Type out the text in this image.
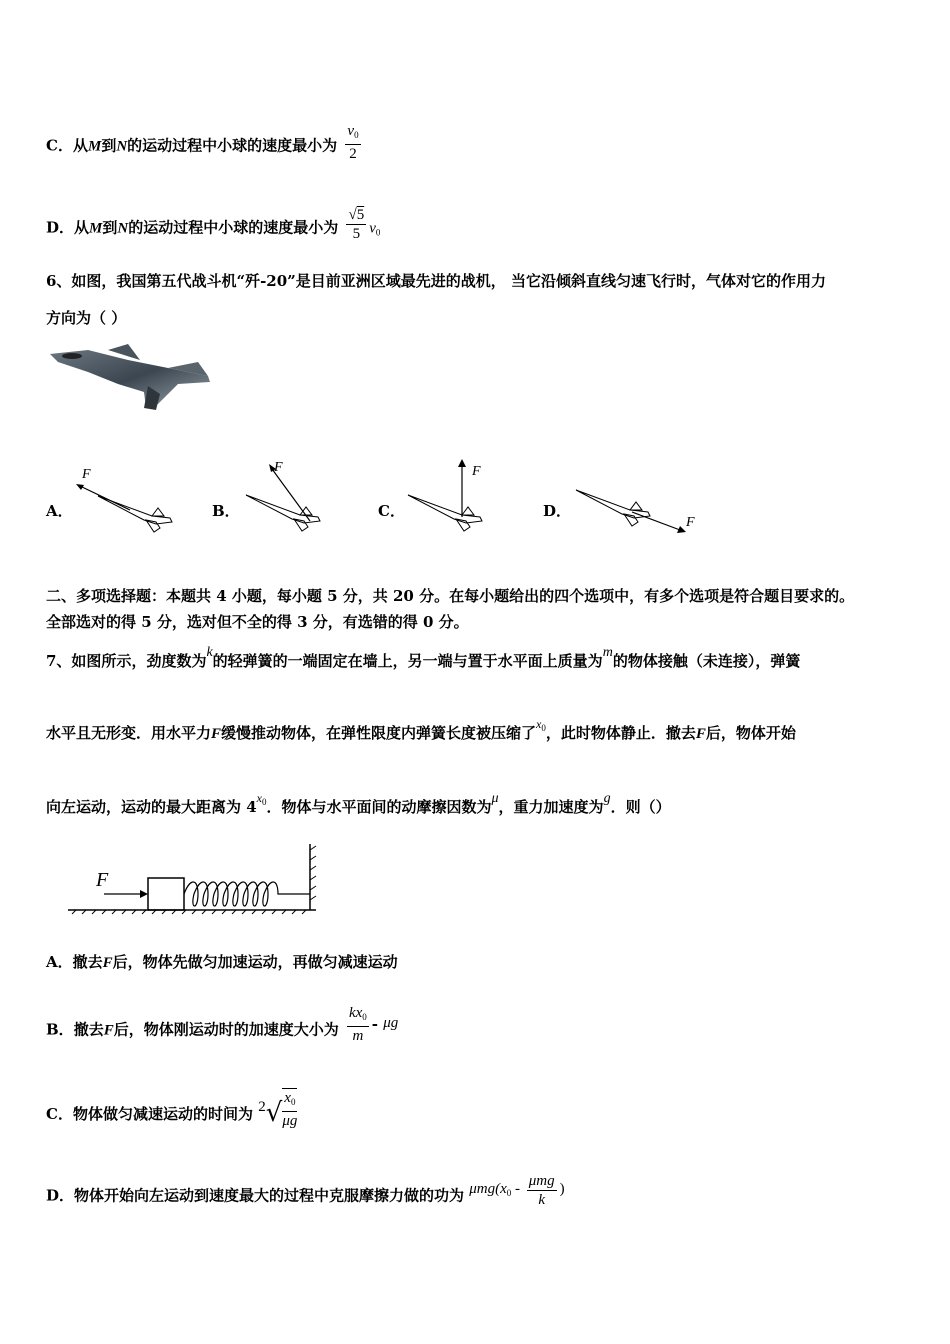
C．从M到N的运动过程中小球的速度最小为 $\frac{v_0}{2}$
D．从M到N的运动过程中小球的速度最小为 $\frac{√5}{5} v_0$
6、如图，我国第五代战斗机“歼-20”是目前亚洲区域最先进的战机， 当它沿倾斜直线匀速飞行时，气体对它的作用力
方向为（ ）
A．
F
B．
F
C．
F
D．
F
二、多项选择题：本题共 4 小题，每小题 5 分，共 20 分。在每小题给出的四个选项中，有多个选项是符合题目要求的。
全部选对的得 5 分，选对但不全的得 3 分，有选错的得 0 分。
7、如图所示，劲度数为k的轻弹簧的一端固定在墙上，另一端与置于水平面上质量为m的物体接触（未连接），弹簧
水平且无形变．用水平力F缓慢推动物体，在弹性限度内弹簧长度被压缩了$^{x_0}$，此时物体静止．撤去F后，物体开始
向左运动，运动的最大距离为 $4^{x_0}$．物体与水平面间的动摩擦因数为μ，重力加速度为g．则（）
F
A．撤去F后，物体先做匀加速运动，再做匀减速运动
B．撤去F后，物体刚运动时的加速度大小为 $\frac{kx_0}{m}$ - μg
C．物体做匀减速运动的时间为 $2√ \frac{x_0}{\mu g}$
D．物体开始向左运动到速度最大的过程中克服摩擦力做的功为 $\mu mg(x_0 - \frac{\text{μmg}}{k}$ )
